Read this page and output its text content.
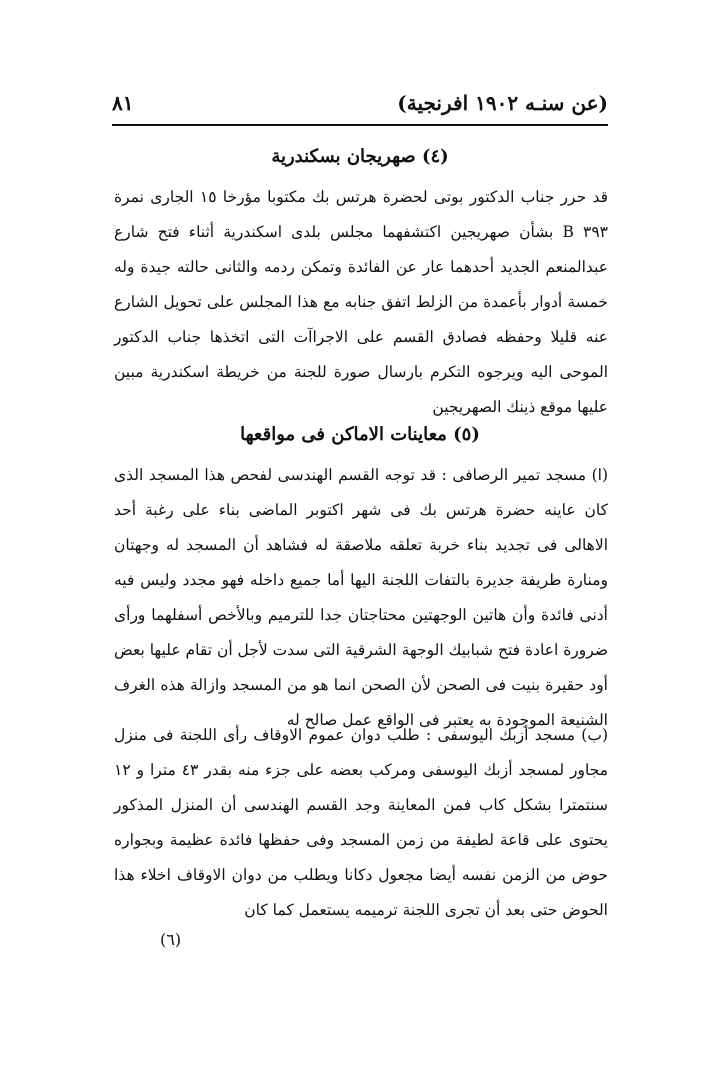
(عن سنـه ١٩٠٢ افرنجية)
٨١
(٤) صهريجان بسكندرية

قد حرر جناب الدكتور بوتى لحضرة هرتس بك مكتوبا مؤرخا ١٥ الجارى نمرة ٣٩٣ B بشأن صهريجين اكتشفهما مجلس بلدى اسكندرية أثناء فتح شارع عبدالمنعم الجديد أحدهما عار عن الفائدة وتمكن ردمه والثانى حالته جيدة وله خمسة أدوار بأعمدة من الزلط اتفق جنابه مع هذا المجلس على تحويل الشارع عنه قليلا وحفظه فصادق القسم على الاجراآت التى اتخذها جناب الدكتور الموحى اليه ويرجوه التكرم بارسال صورة للجنة من خريطة اسكندرية مبين عليها موقع ذينك الصهريجين

(٥) معاينات الاماكن فى مواقعها

(ا) مسجد تمير الرصافى : قد توجه القسم الهندسى لفحص هذا المسجد الذى كان عاينه حضرة هرتس بك فى شهر اكتوبر الماضى بناء على رغبة أحد الاهالى فى تجديد بناء خربة تعلقه ملاصقة له فشاهد أن المسجد له وجهتان ومنارة طريفة جديرة بالتفات اللجنة اليها أما جميع داخله فهو مجدد وليس فيه أدنى فائدة وأن هاتين الوجهتين محتاجتان جدا للترميم وبالأخص أسفلهما ورأى ضرورة اعادة فتح شبابيك الوجهة الشرقية التى سدت لأجل أن تقام عليها بعض أود حقيرة بنيت فى الصحن لأن الصحن انما هو من المسجد وازالة هذه الغرف الشنيعة الموجودة به يعتبر فى الواقع عمل صالح له

(ب) مسجد أزبك اليوسفى : طلب دوان عموم الاوقاف رأى اللجنة فى منزل مجاور لمسجد أزبك اليوسفى ومركب بعضه على جزء منه بقدر ٤٣ مترا و ١٢ سنتمترا بشكل كاب فمن المعاينة وجد القسم الهندسى أن المنزل المذكور يحتوى على قاعة لطيفة من زمن المسجد وفى حفظها فائدة عظيمة وبجواره حوض من الزمن نفسه أيضا مجعول دكانا ويطلب من دوان الاوقاف اخلاء هذا الحوض حتى بعد أن تجرى اللجنة ترميمه يستعمل كما كان

(٦)
